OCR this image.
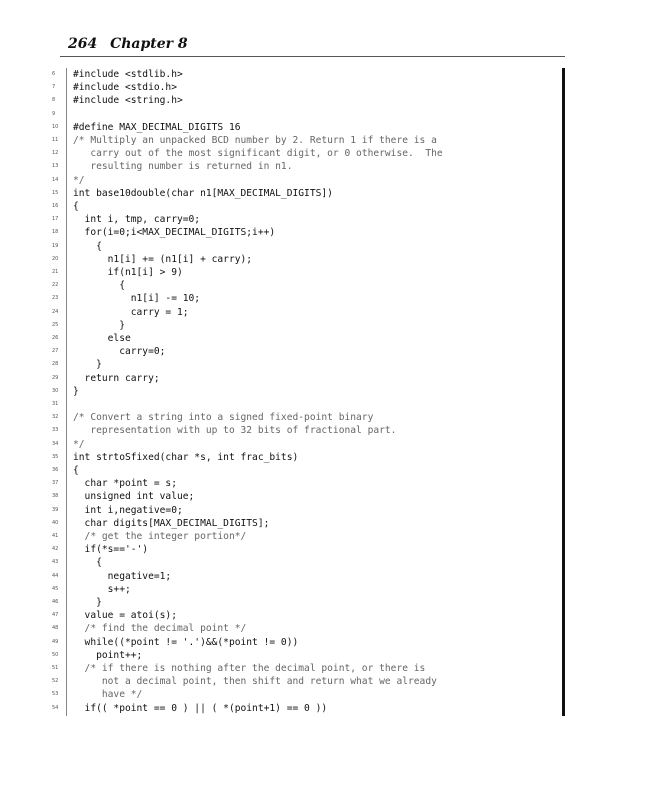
264 Chapter 8
6	#include <stdlib.h>
7	#include <stdio.h>
8	#include <string.h>
9
10	#define MAX_DECIMAL_DIGITS 16
11	/* Multiply an unpacked BCD number by 2. Return 1 if there is a
12	carry out of the most significant digit, or 0 otherwise.  The
13	resulting number is returned in n1.
14	*/
15	int base10double(char n1[MAX_DECIMAL_DIGITS])
16	{
17	int i, tmp, carry=0;
18	for(i=0;i<MAX_DECIMAL_DIGITS;i++)
19	{
20	n1[i] += (n1[i] + carry);
21	if(n1[i] > 9)
22	{
23	n1[i] -= 10;
24	carry = 1;
25	}
26	else
27	carry=0;
28	}
29	return carry;
30	}
31
32	/* Convert a string into a signed fixed-point binary
33	representation with up to 32 bits of fractional part.
34	*/
35	int strtoSfixed(char *s, int frac_bits)
36	{
37	char *point = s;
38	unsigned int value;
39	int i,negative=0;
40	char digits[MAX_DECIMAL_DIGITS];
41	/* get the integer portion*/
42	if(*s=='-')
43	{
44	negative=1;
45	s++;
46	}
47	value = atoi(s);
48	/* find the decimal point */
49	while((*point != '.')&&(*point != 0))
50	point++;
51	/* if there is nothing after the decimal point, or there is
52	not a decimal point, then shift and return what we already
53	have */
54	if(( *point == 0 ) || ( *(point+1) == 0 ))
